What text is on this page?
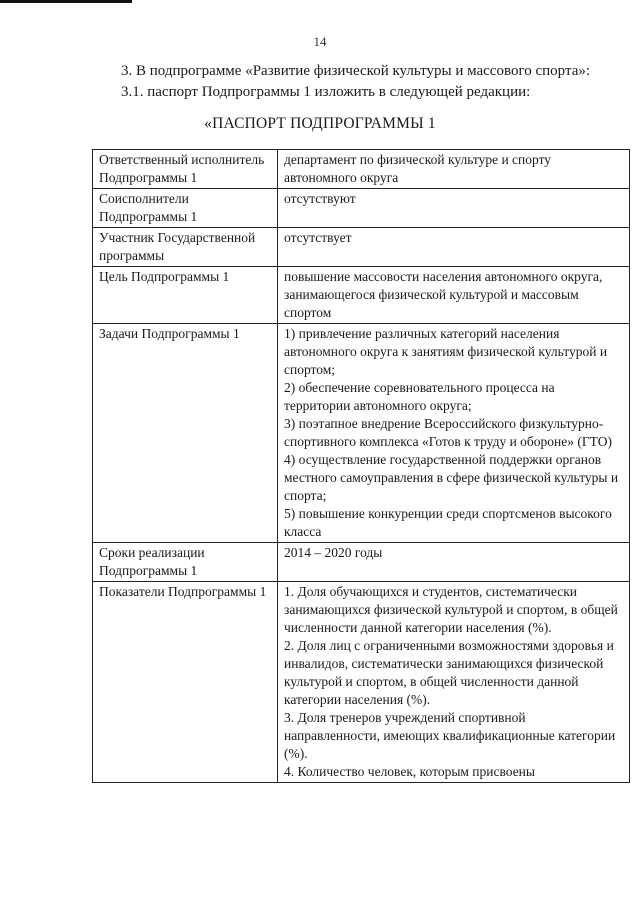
14
3. В подпрограмме «Развитие физической культуры и массового спорта»:
3.1. паспорт Подпрограммы 1 изложить в следующей редакции:
«ПАСПОРТ ПОДПРОГРАММЫ 1
Ответственный исполнитель Подпрограммы 1	департамент по физической культуре и спорту автономного округа

Соисполнители Подпрограммы 1	отсутствуют

Участник Государственной программы	отсутствует

Цель Подпрограммы 1	повышение массовости населения автономного округа, занимающегося физической культурой и массовым спортом

Задачи Подпрограммы 1	1) привлечение различных категорий населения автономного округа к занятиям физической культурой и спортом;
2) обеспечение соревновательного процесса на территории автономного округа;
3) поэтапное внедрение Всероссийского физкультурно-спортивного комплекса «Готов к труду и обороне» (ГТО)
4) осуществление государственной поддержки органов местного самоуправления в сфере физической культуры и спорта;
5) повышение конкуренции среди спортсменов высокого класса

Сроки реализации Подпрограммы 1	2014 – 2020 годы

Показатели Подпрограммы 1	1. Доля обучающихся и студентов, систематически занимающихся физической культурой и спортом, в общей численности данной категории населения (%).
2. Доля лиц с ограниченными возможностями здоровья и инвалидов, систематически занимающихся физической культурой и спортом, в общей численности данной категории населения (%).
3. Доля тренеров учреждений спортивной направленности, имеющих квалификационные категории (%).
4. Количество человек, которым присвоены
